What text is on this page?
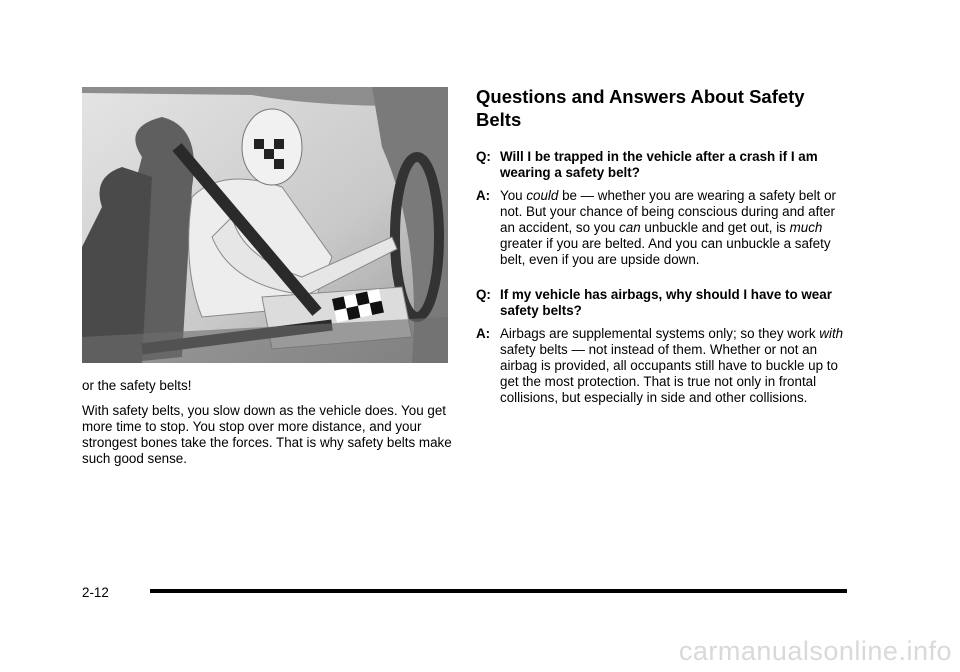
or the safety belts!

With safety belts, you slow down as the vehicle does. You get more time to stop. You stop over more distance, and your strongest bones take the forces. That is why safety belts make such good sense.

Questions and Answers About Safety Belts
Q: Will I be trapped in the vehicle after a crash if I am wearing a safety belt?
A: You could be — whether you are wearing a safety belt or not. But your chance of being conscious during and after an accident, so you can unbuckle and get out, is much greater if you are belted. And you can unbuckle a safety belt, even if you are upside down.
Q: If my vehicle has airbags, why should I have to wear safety belts?
A: Airbags are supplemental systems only; so they work with safety belts — not instead of them. Whether or not an airbag is provided, all occupants still have to buckle up to get the most protection. That is true not only in frontal collisions, but especially in side and other collisions.
2-12
carmanualsonline.info
